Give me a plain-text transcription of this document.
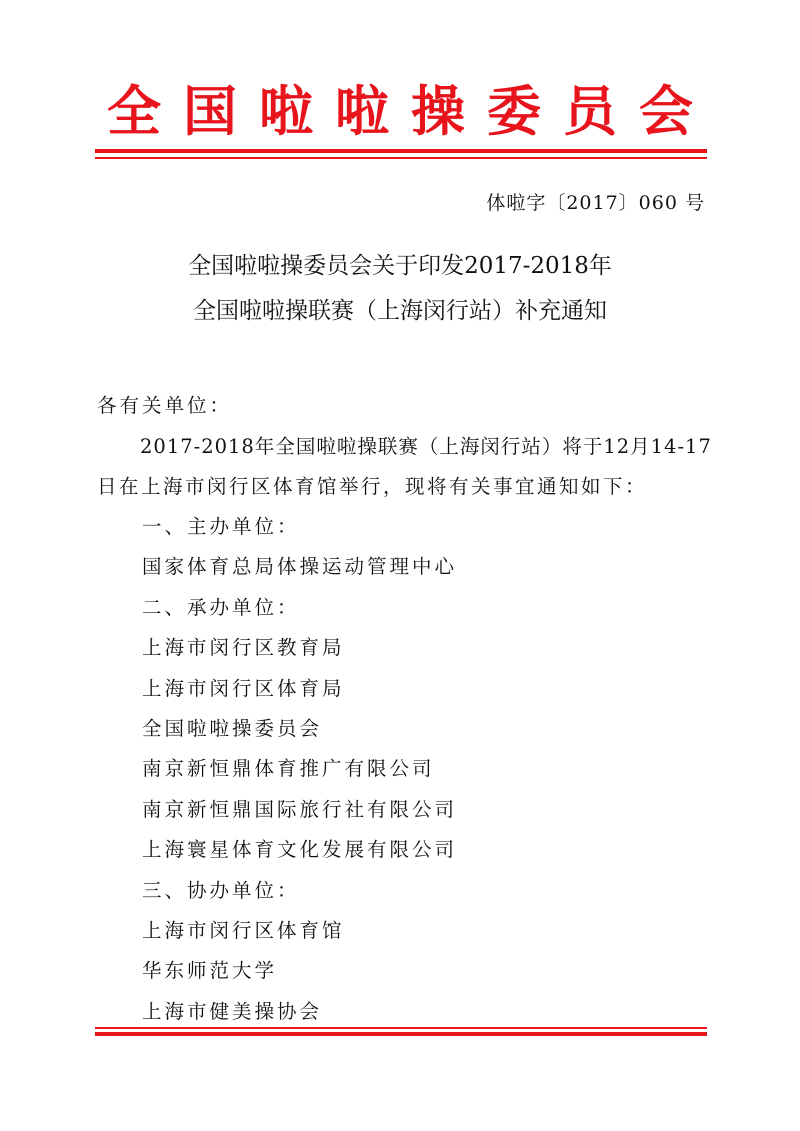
全国啦啦操委员会
体啦字〔2017〕060 号
全国啦啦操委员会关于印发2017-2018年
全国啦啦操联赛（上海闵行站）补充通知
各有关单位：
2017-2018年全国啦啦操联赛（上海闵行站）将于12月14-17
日在上海市闵行区体育馆举行，现将有关事宜通知如下：
一、主办单位：
国家体育总局体操运动管理中心
二、承办单位：
上海市闵行区教育局
上海市闵行区体育局
全国啦啦操委员会
南京新恒鼎体育推广有限公司
南京新恒鼎国际旅行社有限公司
上海寰星体育文化发展有限公司
三、协办单位：
上海市闵行区体育馆
华东师范大学
上海市健美操协会
